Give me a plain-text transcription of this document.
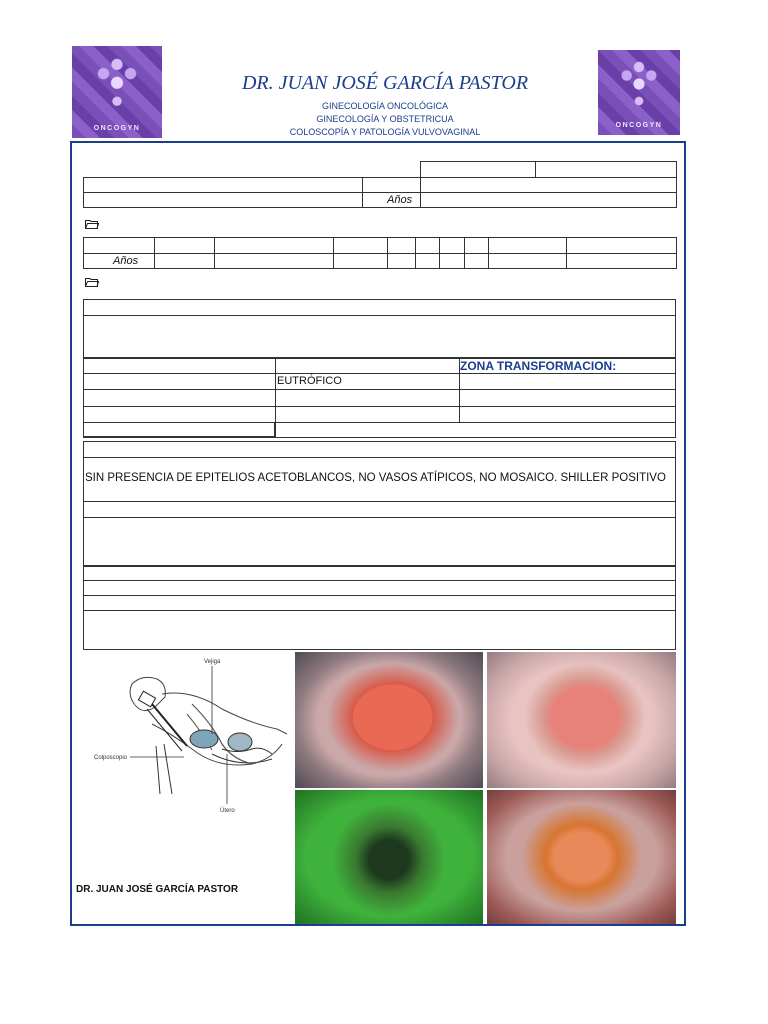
ONCOGYN	ONCOGYN
DR. JUAN JOSÉ GARCÍA PASTOR
GINECOLOGÍA ONCOLÓGICA
GINECOLOGÍA Y OBSTETRICUA
COLOSCOPÍA Y PATOLOGÍA VULVOVAGINAL
Años
Años
ZONA TRANSFORMACION:
EUTRÓFICO
SIN PRESENCIA DE EPITELIOS ACETOBLANCOS, NO VASOS ATÍPICOS, NO MOSAICO. SHILLER POSITIVO
Vejiga
Colposcopio
Útero
DR. JUAN JOSÉ GARCÍA PASTOR
